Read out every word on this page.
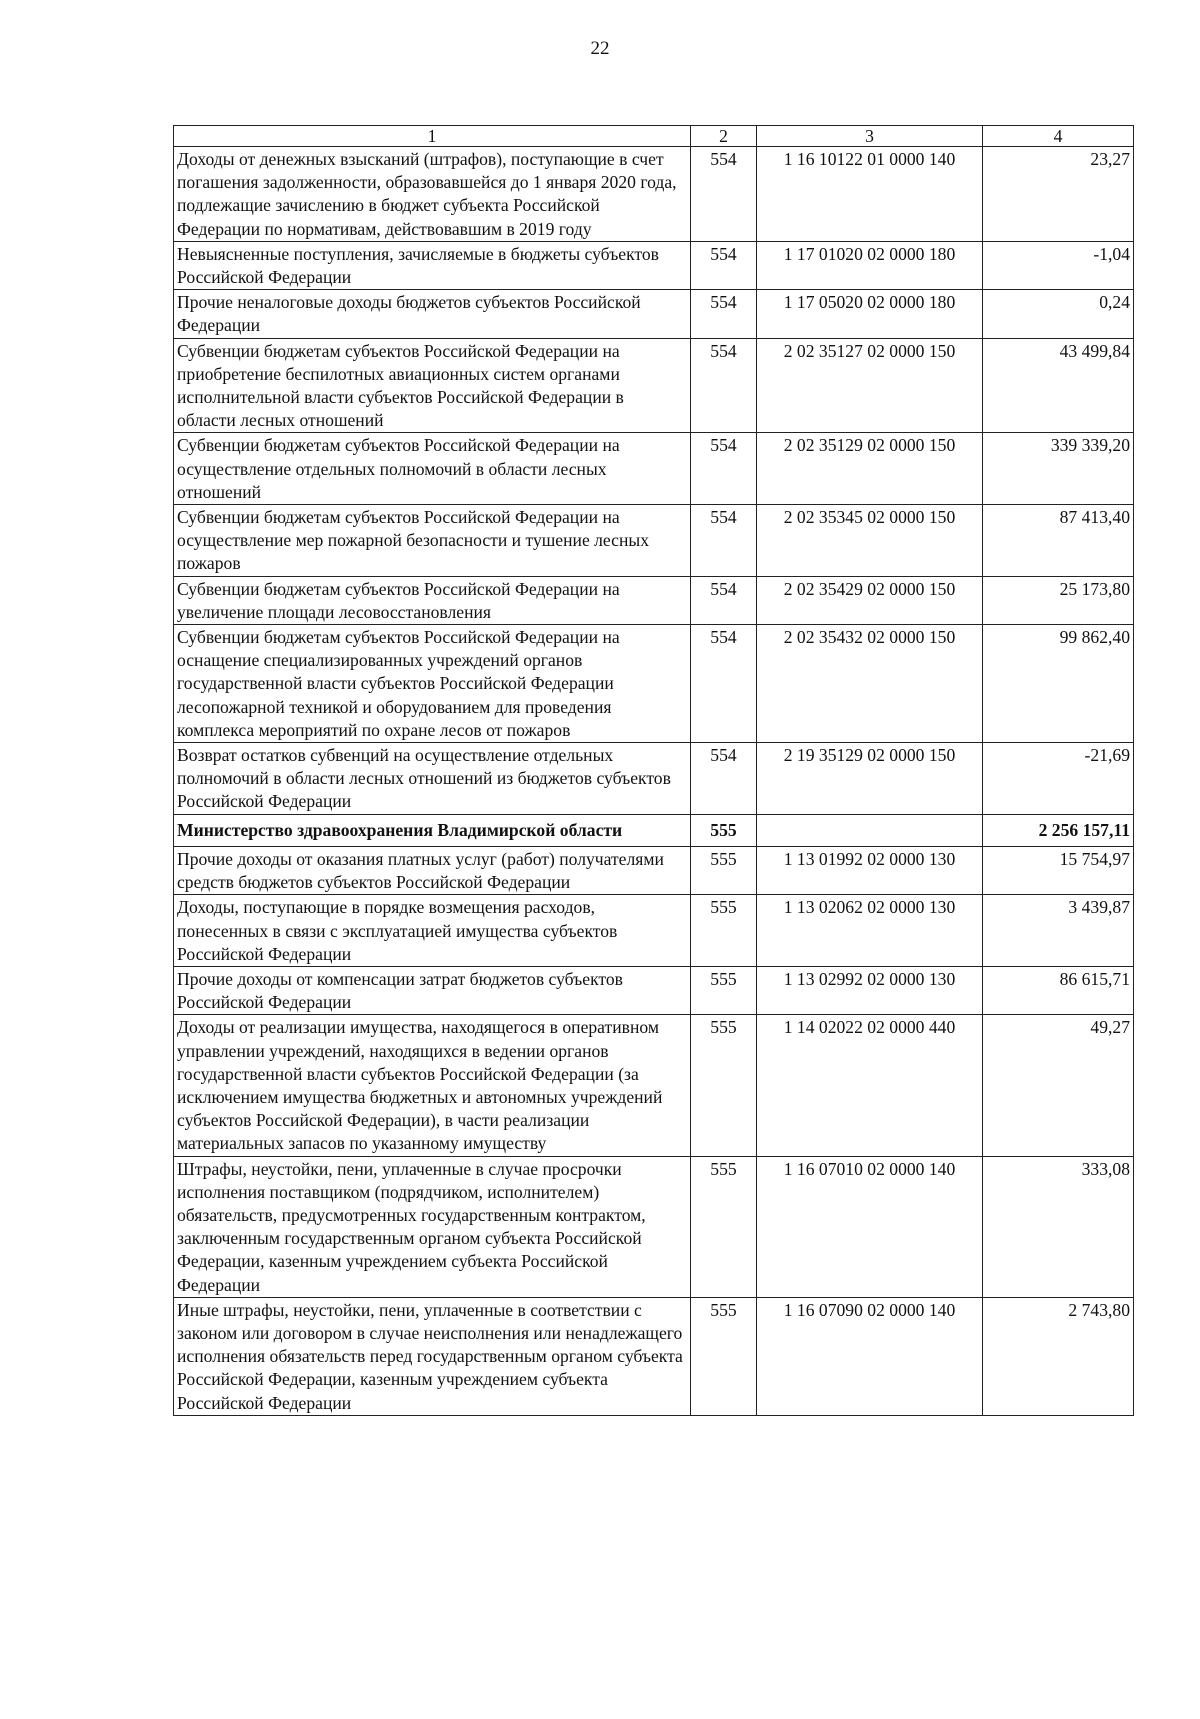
22
1	2	3	4
Доходы от денежных взысканий (штрафов), поступающие в счет погашения задолженности, образовавшейся до 1 января 2020 года, подлежащие зачислению в бюджет субъекта Российской Федерации по нормативам, действовавшим в 2019 году	554	1 16 10122 01 0000 140	23,27
Невыясненные поступления, зачисляемые в бюджеты субъектов Российской Федерации	554	1 17 01020 02 0000 180	-1,04
Прочие неналоговые доходы бюджетов субъектов Российской Федерации	554	1 17 05020 02 0000 180	0,24
Субвенции бюджетам субъектов Российской Федерации на приобретение беспилотных авиационных систем органами исполнительной власти субъектов Российской Федерации в области лесных отношений	554	2 02 35127 02 0000 150	43 499,84
Субвенции бюджетам субъектов Российской Федерации на осуществление отдельных полномочий в области лесных отношений	554	2 02 35129 02 0000 150	339 339,20
Субвенции бюджетам субъектов Российской Федерации на осуществление мер пожарной безопасности и тушение лесных пожаров	554	2 02 35345 02 0000 150	87 413,40
Субвенции бюджетам субъектов Российской Федерации на увеличение площади лесовосстановления	554	2 02 35429 02 0000 150	25 173,80
Субвенции бюджетам субъектов Российской Федерации на оснащение специализированных учреждений органов государственной власти субъектов Российской Федерации лесопожарной техникой и оборудованием для проведения комплекса мероприятий по охране лесов от пожаров	554	2 02 35432 02 0000 150	99 862,40
Возврат остатков субвенций на осуществление отдельных полномочий в области лесных отношений из бюджетов субъектов Российской Федерации	554	2 19 35129 02 0000 150	-21,69
Министерство здравоохранения Владимирской области	555		2 256 157,11
Прочие доходы от оказания платных услуг (работ) получателями средств бюджетов субъектов Российской Федерации	555	1 13 01992 02 0000 130	15 754,97
Доходы, поступающие в порядке возмещения расходов, понесенных в связи с эксплуатацией имущества субъектов Российской Федерации	555	1 13 02062 02 0000 130	3 439,87
Прочие доходы от компенсации затрат бюджетов субъектов Российской Федерации	555	1 13 02992 02 0000 130	86 615,71
Доходы от реализации имущества, находящегося в оперативном управлении учреждений, находящихся в ведении органов государственной власти субъектов Российской Федерации (за исключением имущества бюджетных и автономных учреждений субъектов Российской Федерации), в части реализации материальных запасов по указанному имуществу	555	1 14 02022 02 0000 440	49,27
Штрафы, неустойки, пени, уплаченные в случае просрочки исполнения поставщиком (подрядчиком, исполнителем) обязательств, предусмотренных государственным контрактом, заключенным государственным органом субъекта Российской Федерации, казенным учреждением субъекта Российской Федерации	555	1 16 07010 02 0000 140	333,08
Иные штрафы, неустойки, пени, уплаченные в соответствии с законом или договором в случае неисполнения или ненадлежащего исполнения обязательств перед государственным органом субъекта Российской Федерации, казенным учреждением субъекта Российской Федерации	555	1 16 07090 02 0000 140	2 743,80
